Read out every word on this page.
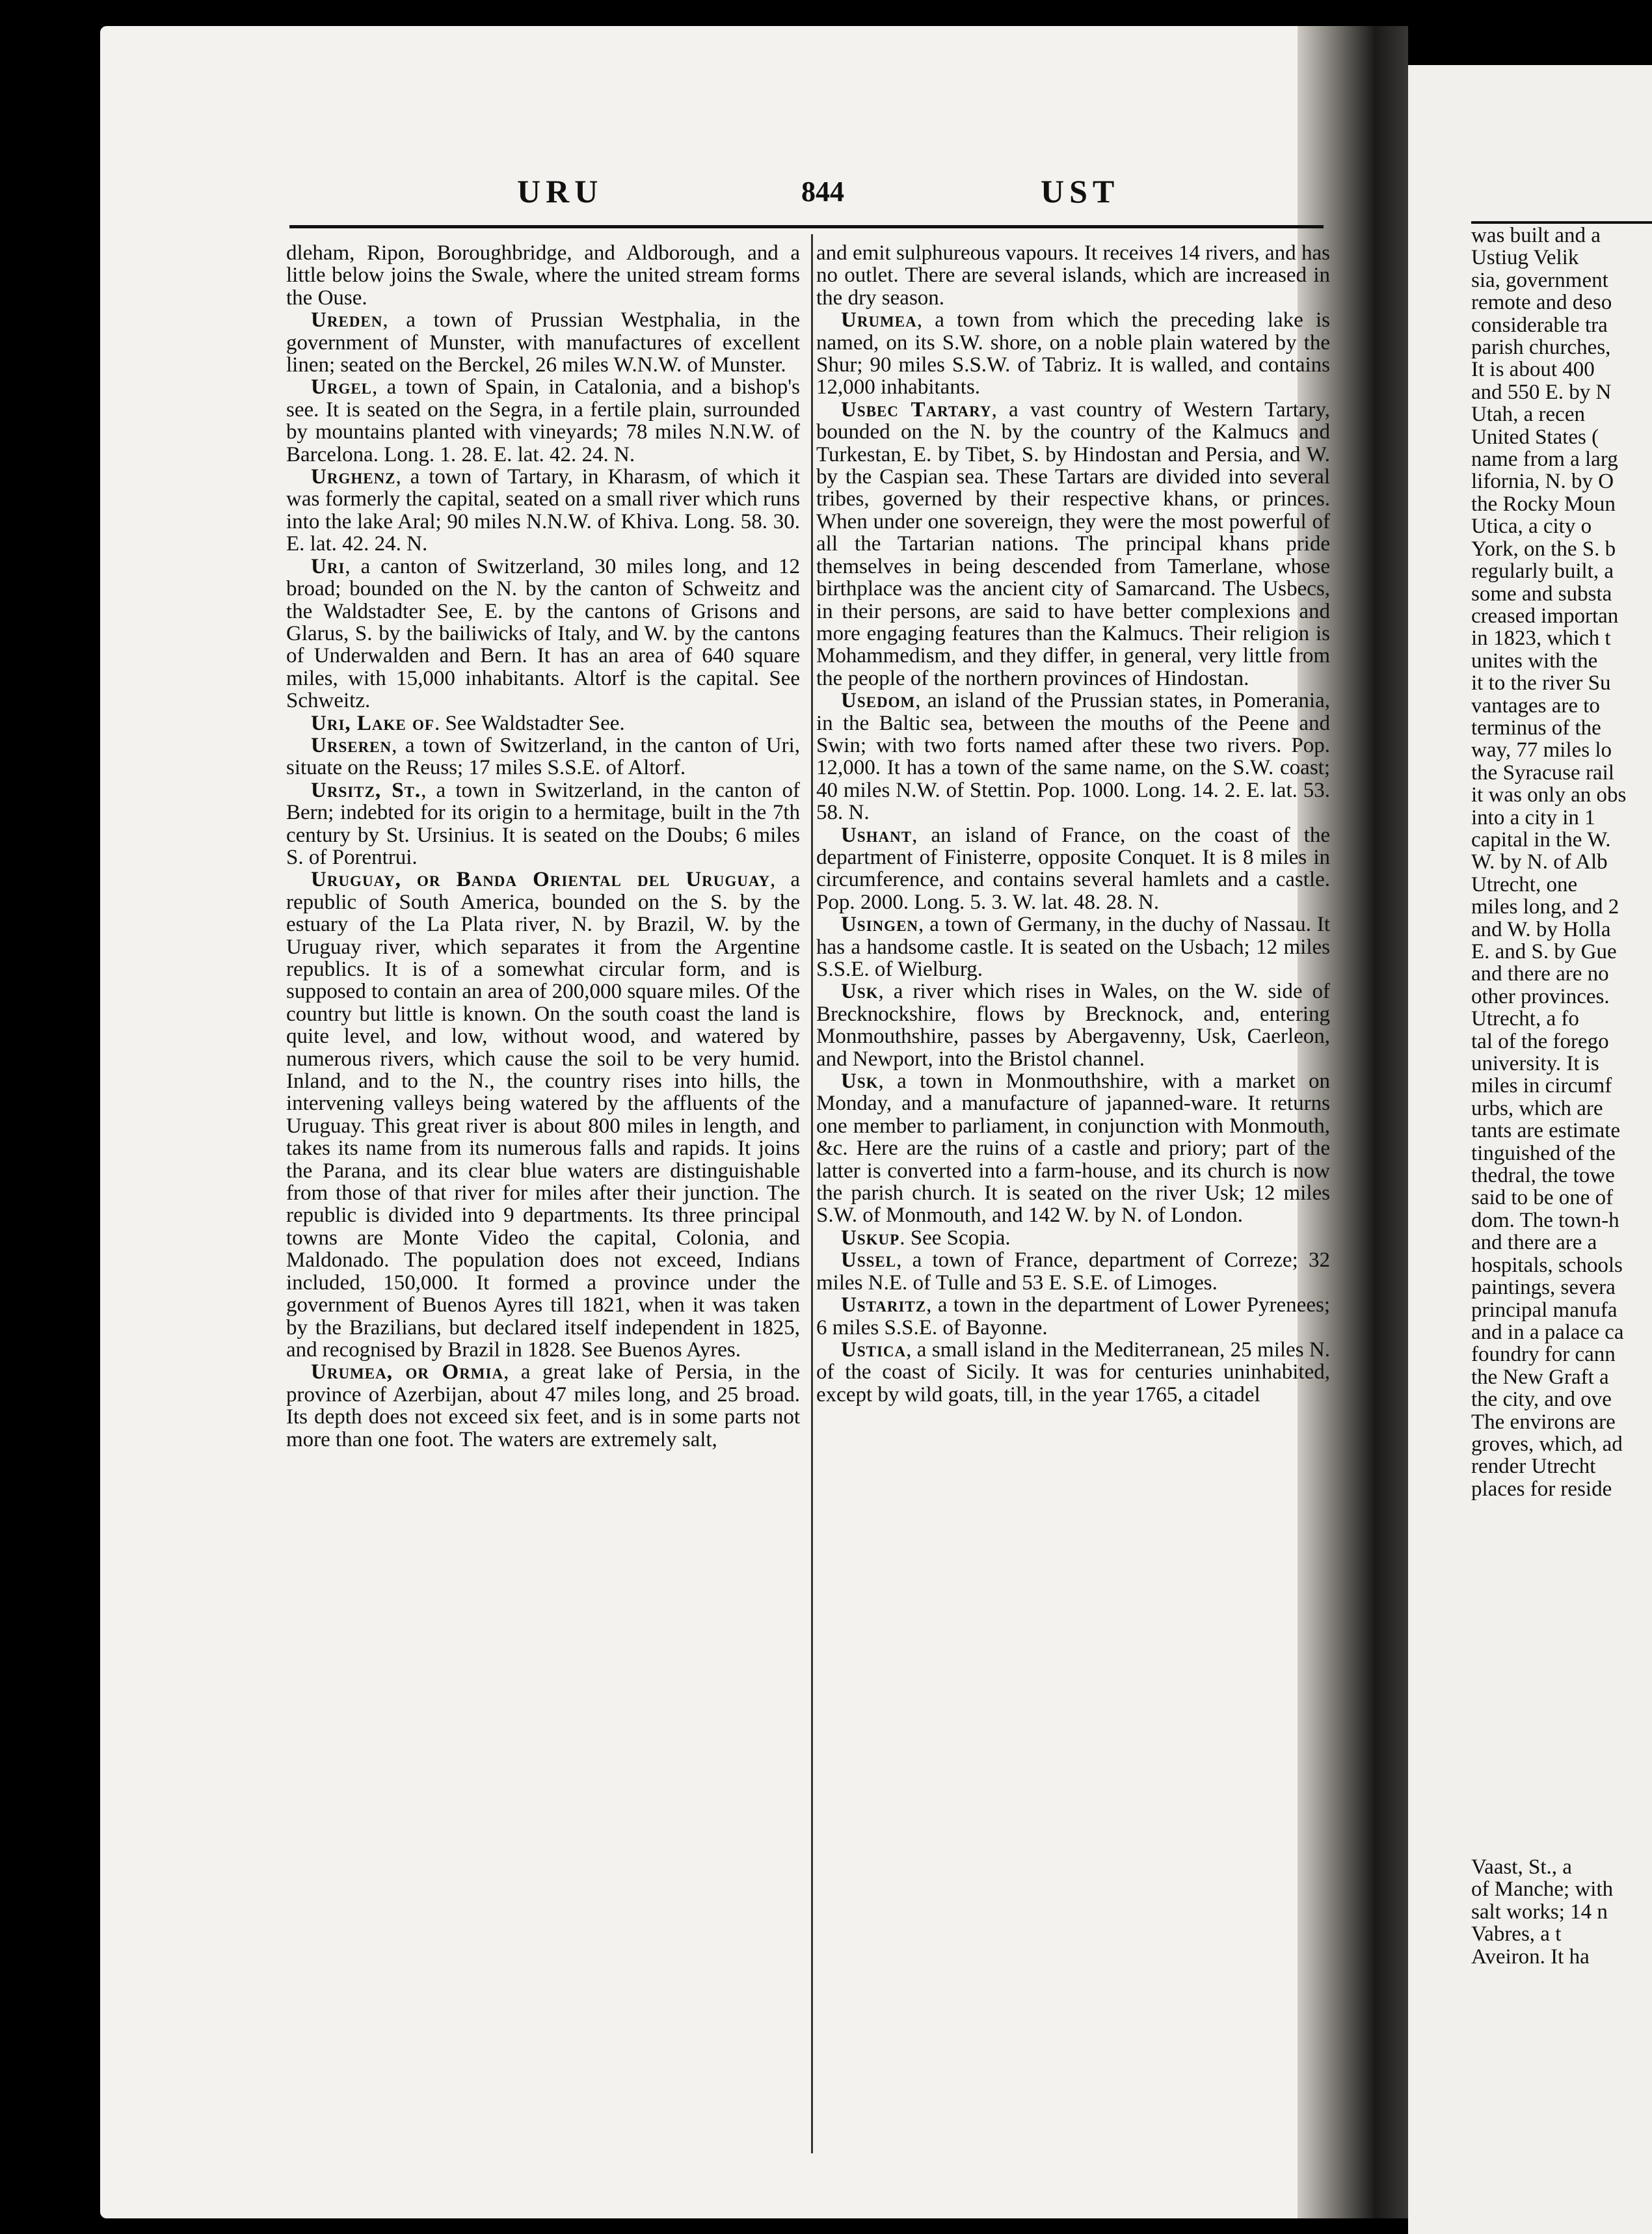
URU	844	UST

dleham, Ripon, Boroughbridge, and Aldborough, and a little below joins the Swale, where the united stream forms the Ouse.

Ureden, a town of Prussian Westphalia, in the government of Munster, with manufactures of excellent linen; seated on the Berckel, 26 miles W.N.W. of Munster.

Urgel, a town of Spain, in Catalonia, and a bishop's see. It is seated on the Segra, in a fertile plain, surrounded by mountains planted with vineyards; 78 miles N.N.W. of Barcelona. Long. 1. 28. E. lat. 42. 24. N.

Urghenz, a town of Tartary, in Kharasm, of which it was formerly the capital, seated on a small river which runs into the lake Aral; 90 miles N.N.W. of Khiva. Long. 58. 30. E. lat. 42. 24. N.

Uri, a canton of Switzerland, 30 miles long, and 12 broad; bounded on the N. by the canton of Schweitz and the Waldstadter See, E. by the cantons of Grisons and Glarus, S. by the bailiwicks of Italy, and W. by the cantons of Underwalden and Bern. It has an area of 640 square miles, with 15,000 inhabitants. Altorf is the capital. See Schweitz.

Uri, Lake of. See Waldstadter See.

Urseren, a town of Switzerland, in the canton of Uri, situate on the Reuss; 17 miles S.S.E. of Altorf.

Ursitz, St., a town in Switzerland, in the canton of Bern; indebted for its origin to a hermitage, built in the 7th century by St. Ursinius. It is seated on the Doubs; 6 miles S. of Porentrui.

Uruguay, or Banda Oriental del Uruguay, a republic of South America, bounded on the S. by the estuary of the La Plata river, N. by Brazil, W. by the Uruguay river, which separates it from the Argentine republics. It is of a somewhat circular form, and is supposed to contain an area of 200,000 square miles. Of the country but little is known. On the south coast the land is quite level, and low, without wood, and watered by numerous rivers, which cause the soil to be very humid. Inland, and to the N., the country rises into hills, the intervening valleys being watered by the affluents of the Uruguay. This great river is about 800 miles in length, and takes its name from its numerous falls and rapids. It joins the Parana, and its clear blue waters are distinguishable from those of that river for miles after their junction. The republic is divided into 9 departments. Its three principal towns are Monte Video the capital, Colonia, and Maldonado. The population does not exceed, Indians included, 150,000. It formed a province under the government of Buenos Ayres till 1821, when it was taken by the Brazilians, but declared itself independent in 1825, and recognised by Brazil in 1828. See Buenos Ayres.

Urumea, or Ormia, a great lake of Persia, in the province of Azerbijan, about 47 miles long, and 25 broad. Its depth does not exceed six feet, and is in some parts not more than one foot. The waters are extremely salt,

and emit sulphureous vapours. It receives 14 rivers, and has no outlet. There are several islands, which are increased in the dry season.

Urumea, a town from which the preceding lake is named, on its S.W. shore, on a noble plain watered by the Shur; 90 miles S.S.W. of Tabriz. It is walled, and contains 12,000 inhabitants.

Usbec Tartary, a vast country of Western Tartary, bounded on the N. by the country of the Kalmucs and Turkestan, E. by Tibet, S. by Hindostan and Persia, and W. by the Caspian sea. These Tartars are divided into several tribes, governed by their respective khans, or princes. When under one sovereign, they were the most powerful of all the Tartarian nations. The principal khans pride themselves in being descended from Tamerlane, whose birthplace was the ancient city of Samarcand. The Usbecs, in their persons, are said to have better complexions and more engaging features than the Kalmucs. Their religion is Mohammedism, and they differ, in general, very little from the people of the northern provinces of Hindostan.

Usedom, an island of the Prussian states, in Pomerania, in the Baltic sea, between the mouths of the Peene and Swin; with two forts named after these two rivers. Pop. 12,000. It has a town of the same name, on the S.W. coast; 40 miles N.W. of Stettin. Pop. 1000. Long. 14. 2. E. lat. 53. 58. N.

Ushant, an island of France, on the coast of the department of Finisterre, opposite Conquet. It is 8 miles in circumference, and contains several hamlets and a castle. Pop. 2000. Long. 5. 3. W. lat. 48. 28. N.

Usingen, a town of Germany, in the duchy of Nassau. It has a handsome castle. It is seated on the Usbach; 12 miles S.S.E. of Wielburg.

Usk, a river which rises in Wales, on the W. side of Brecknockshire, flows by Brecknock, and, entering Monmouthshire, passes by Abergavenny, Usk, Caerleon, and Newport, into the Bristol channel.

Usk, a town in Monmouthshire, with a market on Monday, and a manufacture of japanned-ware. It returns one member to parliament, in conjunction with Monmouth, &c. Here are the ruins of a castle and priory; part of the latter is converted into a farm-house, and its church is now the parish church. It is seated on the river Usk; 12 miles S.W. of Monmouth, and 142 W. by N. of London.

Uskup. See Scopia.

Ussel, a town of France, department of Correze; 32 miles N.E. of Tulle and 53 E. S.E. of Limoges.

Ustaritz, a town in the department of Lower Pyrenees; 6 miles S.S.E. of Bayonne.

Ustica, a small island in the Mediterranean, 25 miles N. of the coast of Sicily. It was for centuries uninhabited, except by wild goats, till, in the year 1765, a citadel

was built and a
Ustiug Velik
sia, government
remote and deso
considerable tra
parish churches,
It is about 400
and 550 E. by N
Utah, a recen
United States (
name from a larg
lifornia, N. by O
the Rocky Moun
Utica, a city o
York, on the S. b
regularly built, a
some and substa
creased importan
in 1823, which t
unites with the
it to the river Su
vantages are to
terminus of the
way, 77 miles lo
the Syracuse rail
it was only an obs
into a city in 1
capital in the W.
W. by N. of Alb
Utrecht, one
miles long, and 2
and W. by Holla
E. and S. by Gue
and there are no
other provinces.
Utrecht, a fo
tal of the forego
university. It is
miles in circumf
urbs, which are
tants are estimate
tinguished of the
thedral, the towe
said to be one of
dom. The town-h
and there are a
hospitals, schools
paintings, severa
principal manufa
and in a palace ca
foundry for cann
the New Graft a
the city, and ove
The environs are
groves, which, ad
render Utrecht
places for reside
Vaast, St., a
of Manche; with
salt works; 14 n
Vabres, a t
Aveiron. It ha
